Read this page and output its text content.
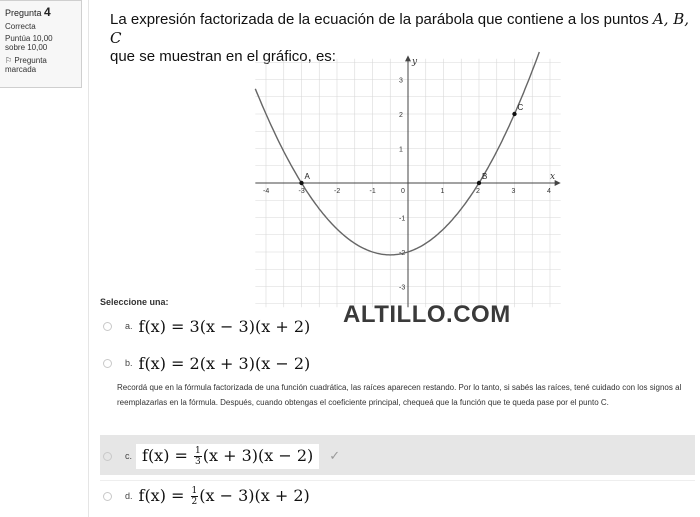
Pregunta 4
Correcta
Puntúa 10,00
sobre 10,00
⚐ Pregunta
marcada
La expresión factorizada de la ecuación de la parábola que contiene a los puntos A, B, C
que se muestran en el gráfico, es:
-4	-3	-2	-1	0	1	2	3	4
3
2
1
-1
-2
-3
A	B
C
x
y
Seleccione una:	ALTILLO.COM
a. f(x) = 3(x − 3)(x + 2)
b. f(x) = 2(x + 3)(x − 2)
Recordá que en la fórmula factorizada de una función cuadrática, las raíces aparecen restando. Por lo tanto, si sabés las raíces, tené cuidado con los signos al reemplazarlas en la fórmula. Después, cuando obtengas el coeficiente principal, chequeá que la función que te queda pase por el punto C.
c. $f(x) = \frac{1}{3} (x + 3)(x - 2)$	✓
d. $f(x) = \frac{1}{2} (x - 3)(x + 2)$
